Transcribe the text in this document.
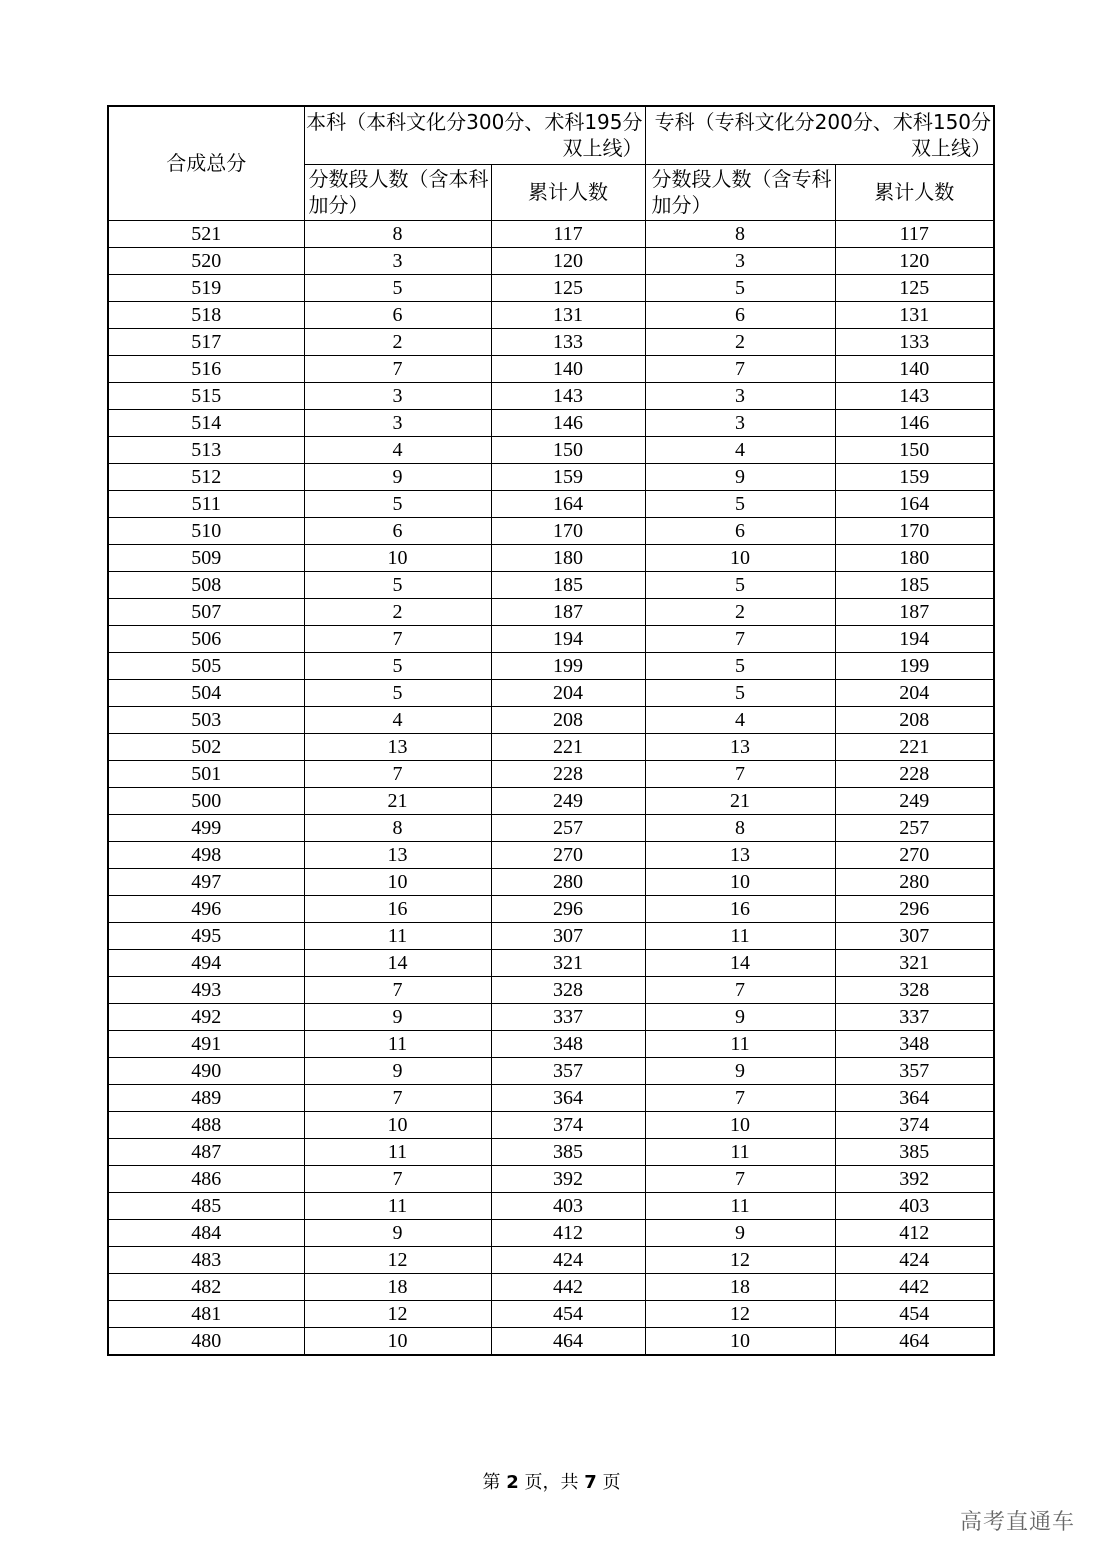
合成总分	本科（本科文化分300分、术科195分双上线）		专科（专科文化分200分、术科150分双上线）	
	分数段人数（含本科加分）	累计人数	分数段人数（含专科加分）	累计人数
521	8	117	8	117
520	3	120	3	120
519	5	125	5	125
518	6	131	6	131
517	2	133	2	133
516	7	140	7	140
515	3	143	3	143
514	3	146	3	146
513	4	150	4	150
512	9	159	9	159
511	5	164	5	164
510	6	170	6	170
509	10	180	10	180
508	5	185	5	185
507	2	187	2	187
506	7	194	7	194
505	5	199	5	199
504	5	204	5	204
503	4	208	4	208
502	13	221	13	221
501	7	228	7	228
500	21	249	21	249
499	8	257	8	257
498	13	270	13	270
497	10	280	10	280
496	16	296	16	296
495	11	307	11	307
494	14	321	14	321
493	7	328	7	328
492	9	337	9	337
491	11	348	11	348
490	9	357	9	357
489	7	364	7	364
488	10	374	10	374
487	11	385	11	385
486	7	392	7	392
485	11	403	11	403
484	9	412	9	412
483	12	424	12	424
482	18	442	18	442
481	12	454	12	454
480	10	464	10	464
第 2 页，共 7 页
高考直通车
